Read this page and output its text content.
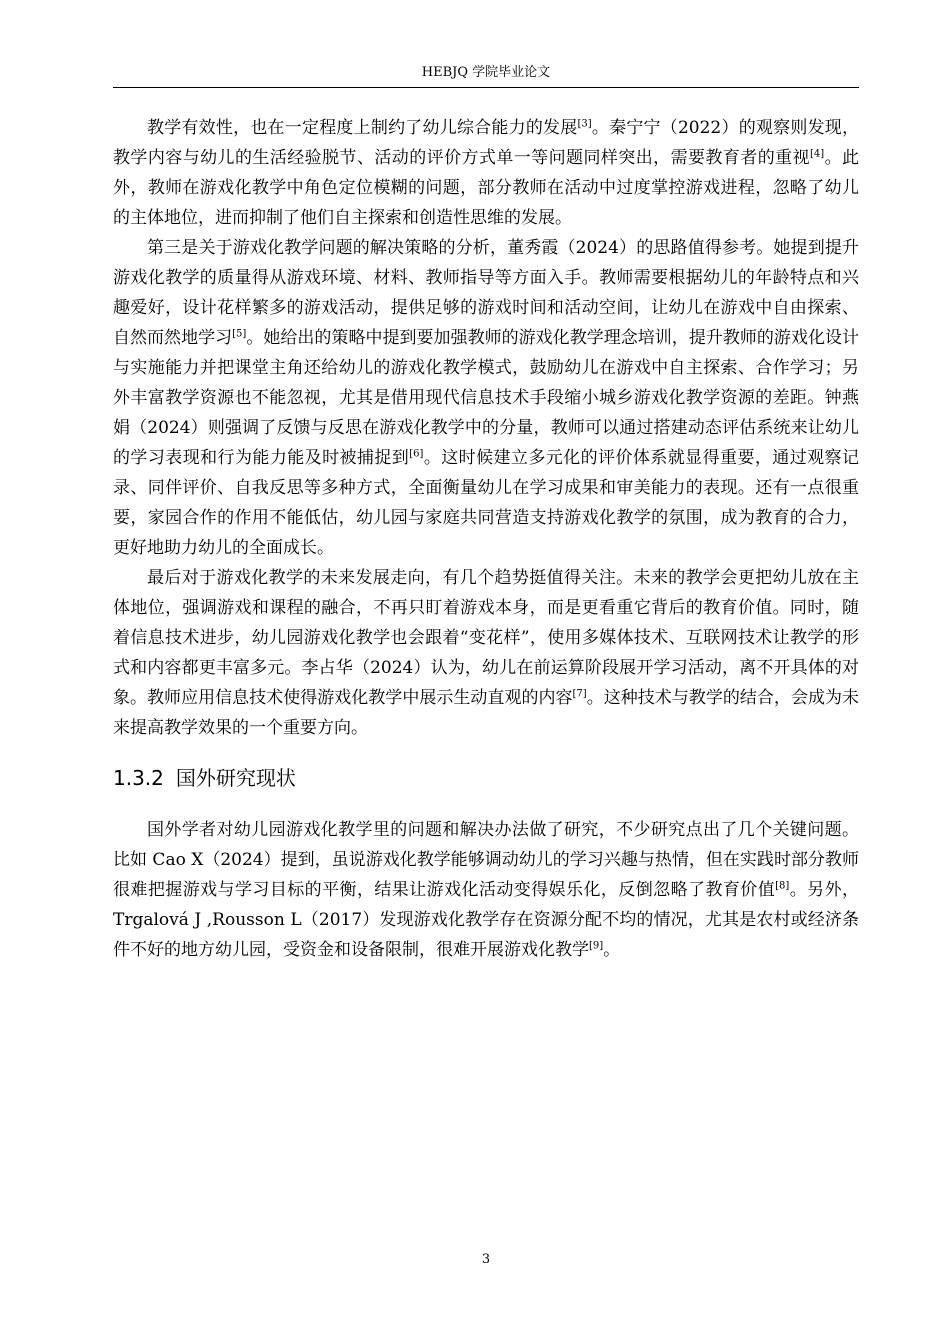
HEBJQ 学院毕业论文

教学有效性，也在一定程度上制约了幼儿综合能力的发展[3]。秦宁宁（2022）的观察则发现，教学内容与幼儿的生活经验脱节、活动的评价方式单一等问题同样突出，需要教育者的重视[4]。此外，教师在游戏化教学中角色定位模糊的问题，部分教师在活动中过度掌控游戏进程，忽略了幼儿的主体地位，进而抑制了他们自主探索和创造性思维的发展。

第三是关于游戏化教学问题的解决策略的分析，董秀霞（2024）的思路值得参考。她提到提升游戏化教学的质量得从游戏环境、材料、教师指导等方面入手。教师需要根据幼儿的年龄特点和兴趣爱好，设计花样繁多的游戏活动，提供足够的游戏时间和活动空间，让幼儿在游戏中自由探索、自然而然地学习[5]。她给出的策略中提到要加强教师的游戏化教学理念培训，提升教师的游戏化设计与实施能力并把课堂主角还给幼儿的游戏化教学模式，鼓励幼儿在游戏中自主探索、合作学习；另外丰富教学资源也不能忽视，尤其是借用现代信息技术手段缩小城乡游戏化教学资源的差距。钟燕娟（2024）则强调了反馈与反思在游戏化教学中的分量，教师可以通过搭建动态评估系统来让幼儿的学习表现和行为能力能及时被捕捉到[6]。这时候建立多元化的评价体系就显得重要，通过观察记录、同伴评价、自我反思等多种方式，全面衡量幼儿在学习成果和审美能力的表现。还有一点很重要，家园合作的作用不能低估，幼儿园与家庭共同营造支持游戏化教学的氛围，成为教育的合力，更好地助力幼儿的全面成长。

最后对于游戏化教学的未来发展走向，有几个趋势挺值得关注。未来的教学会更把幼儿放在主体地位，强调游戏和课程的融合，不再只盯着游戏本身，而是更看重它背后的教育价值。同时，随着信息技术进步，幼儿园游戏化教学也会跟着“变花样”，使用多媒体技术、互联网技术让教学的形式和内容都更丰富多元。李占华（2024）认为，幼儿在前运算阶段展开学习活动，离不开具体的对象。教师应用信息技术使得游戏化教学中展示生动直观的内容[7]。这种技术与教学的结合，会成为未来提高教学效果的一个重要方向。

1.3.2 国外研究现状

国外学者对幼儿园游戏化教学里的问题和解决办法做了研究，不少研究点出了几个关键问题。比如 Cao X（2024）提到，虽说游戏化教学能够调动幼儿的学习兴趣与热情，但在实践时部分教师很难把握游戏与学习目标的平衡，结果让游戏化活动变得娱乐化，反倒忽略了教育价值[8]。另外，Trgalová J ,Rousson L（2017）发现游戏化教学存在资源分配不均的情况，尤其是农村或经济条件不好的地方幼儿园，受资金和设备限制，很难开展游戏化教学[9]。

3
